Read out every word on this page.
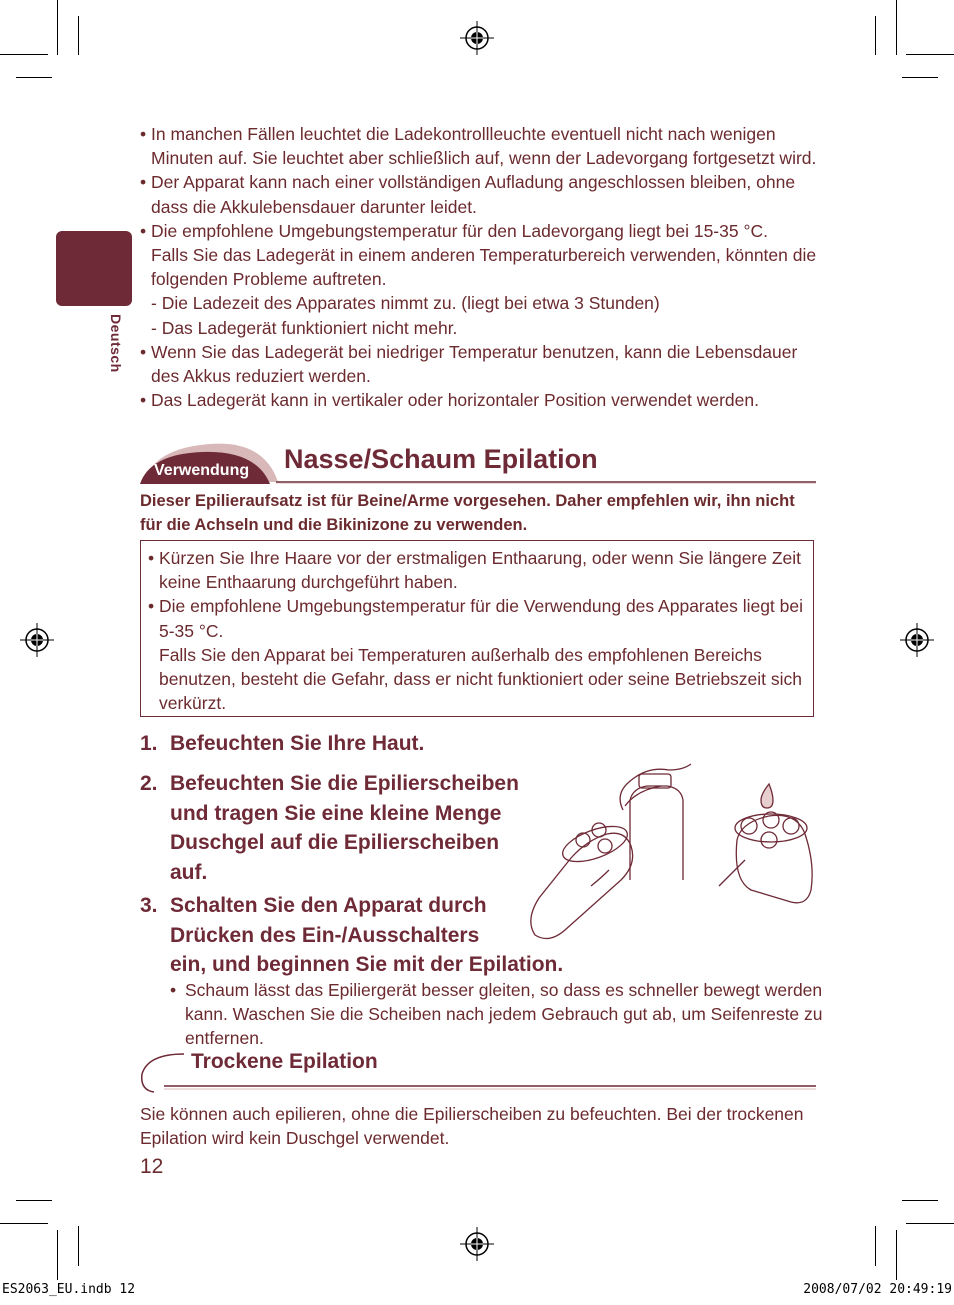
Deutsch
• In manchen Fällen leuchtet die Ladekontrollleuchte eventuell nicht nach wenigen Minuten auf. Sie leuchtet aber schließlich auf, wenn der Ladevorgang fortgesetzt wird.
• Der Apparat kann nach einer vollständigen Aufladung angeschlossen bleiben, ohne dass die Akkulebensdauer darunter leidet.
• Die empfohlene Umgebungstemperatur für den Ladevorgang liegt bei 15-35 °C.
Falls Sie das Ladegerät in einem anderen Temperaturbereich verwenden, könnten die folgenden Probleme auftreten.
- Die Ladezeit des Apparates nimmt zu. (liegt bei etwa 3 Stunden)
- Das Ladegerät funktioniert nicht mehr.
• Wenn Sie das Ladegerät bei niedriger Temperatur benutzen, kann die Lebensdauer des Akkus reduziert werden.
• Das Ladegerät kann in vertikaler oder horizontaler Position verwendet werden.
Verwendung Nasse/Schaum Epilation
Dieser Epilieraufsatz ist für Beine/Arme vorgesehen. Daher empfehlen wir, ihn nicht für die Achseln und die Bikinizone zu verwenden.
• Kürzen Sie Ihre Haare vor der erstmaligen Enthaarung, oder wenn Sie längere Zeit keine Enthaarung durchgeführt haben.
• Die empfohlene Umgebungstemperatur für die Verwendung des Apparates liegt bei 5-35 °C.
Falls Sie den Apparat bei Temperaturen außerhalb des empfohlenen Bereichs benutzen, besteht die Gefahr, dass er nicht funktioniert oder seine Betriebszeit sich verkürzt.
1. Befeuchten Sie Ihre Haut.
2. Befeuchten Sie die Epilierscheiben
und tragen Sie eine kleine Menge
Duschgel auf die Epilierscheiben
auf.
3. Schalten Sie den Apparat durch
Drücken des Ein-/Ausschalters
ein, und beginnen Sie mit der Epilation.
• Schaum lässt das Epiliergerät besser gleiten, so dass es schneller bewegt werden kann. Waschen Sie die Scheiben nach jedem Gebrauch gut ab, um Seifenreste zu entfernen.
Trockene Epilation
Sie können auch epilieren, ohne die Epilierscheiben zu befeuchten. Bei der trockenen Epilation wird kein Duschgel verwendet.
12
ES2063_EU.indb 12	2008/07/02 20:49:19
